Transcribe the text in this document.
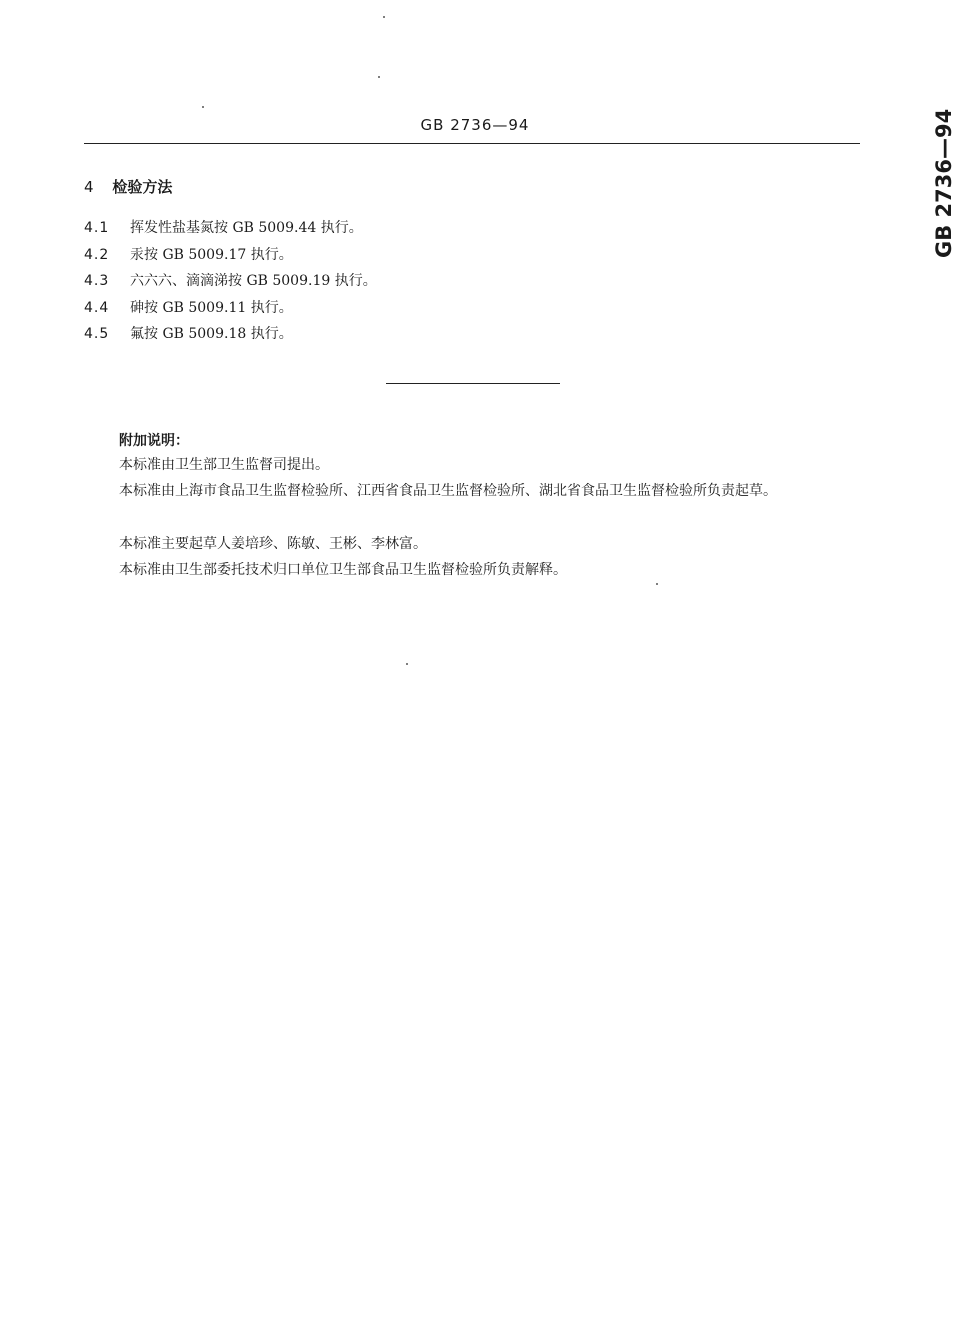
GB 2736—94	GB 2736—94
4 检验方法
4.1 挥发性盐基氮按 GB 5009.44 执行。
4.2 汞按 GB 5009.17 执行。
4.3 六六六、滴滴涕按 GB 5009.19 执行。
4.4 砷按 GB 5009.11 执行。
4.5 氟按 GB 5009.18 执行。
附加说明：

本标准由卫生部卫生监督司提出。

本标准由上海市食品卫生监督检验所、江西省食品卫生监督检验所、湖北省食品卫生监督检验所负责起草。

本标准主要起草人姜培珍、陈敏、王彬、李林富。

本标准由卫生部委托技术归口单位卫生部食品卫生监督检验所负责解释。
